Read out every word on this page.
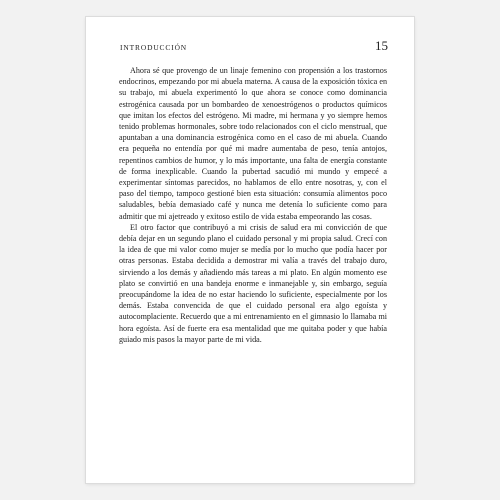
INTRODUCCIÓN	15

Ahora sé que provengo de un linaje femenino con propensión a los trastornos endocrinos, empezando por mi abuela materna. A causa de la exposición tóxica en su trabajo, mi abuela experimentó lo que ahora se conoce como dominancia estrogénica causada por un bombardeo de xenoestrógenos o productos químicos que imitan los efectos del estrógeno. Mi madre, mi hermana y yo siempre hemos tenido problemas hormonales, sobre todo relacionados con el ciclo menstrual, que apuntaban a una dominancia estrogénica como en el caso de mi abuela. Cuando era pequeña no entendía por qué mi madre aumentaba de peso, tenía antojos, repentinos cambios de humor, y lo más importante, una falta de energía constante de forma inexplicable. Cuando la pubertad sacudió mi mundo y empecé a experimentar síntomas parecidos, no hablamos de ello entre nosotras, y, con el paso del tiempo, tampoco gestioné bien esta situación: consumía alimentos poco saludables, bebía demasiado café y nunca me detenía lo suficiente como para admitir que mi ajetreado y exitoso estilo de vida estaba empeorando las cosas.

El otro factor que contribuyó a mi crisis de salud era mi convicción de que debía dejar en un segundo plano el cuidado personal y mi propia salud. Crecí con la idea de que mi valor como mujer se medía por lo mucho que podía hacer por otras personas. Estaba decidida a demostrar mi valía a través del trabajo duro, sirviendo a los demás y añadiendo más tareas a mi plato. En algún momento ese plato se convirtió en una bandeja enorme e inmanejable y, sin embargo, seguía preocupándome la idea de no estar haciendo lo suficiente, especialmente por los demás. Estaba convencida de que el cuidado personal era algo egoísta y autocomplaciente. Recuerdo que a mi entrenamiento en el gimnasio lo llamaba mi hora egoísta. Así de fuerte era esa mentalidad que me quitaba poder y que había guiado mis pasos la mayor parte de mi vida.
